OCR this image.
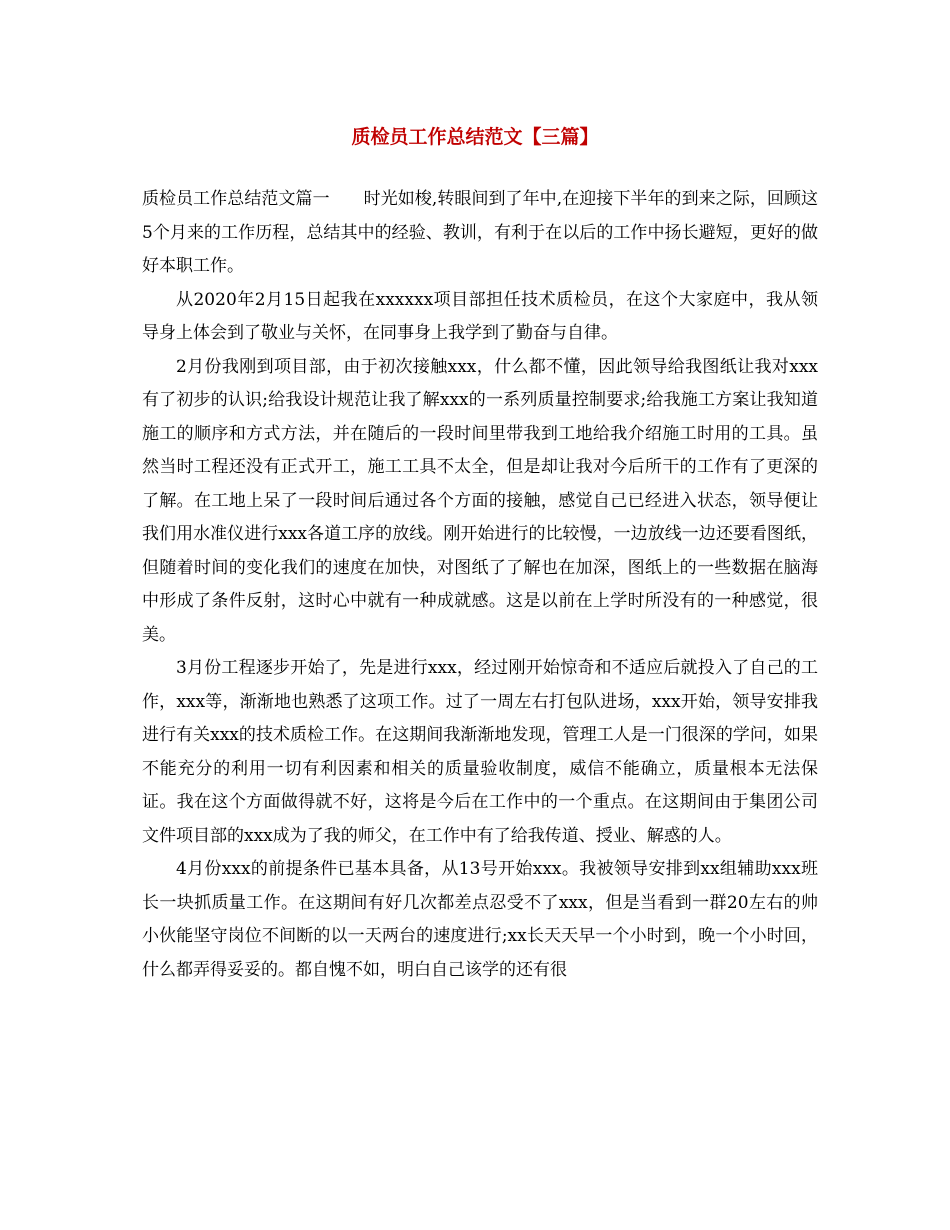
质检员工作总结范文【三篇】

质检员工作总结范文篇一 时光如梭,转眼间到了年中,在迎接下半年的到来之际，回顾这5个月来的工作历程，总结其中的经验、教训，有利于在以后的工作中扬长避短，更好的做好本职工作。

从2020年2月15日起我在xxxxxx项目部担任技术质检员，在这个大家庭中，我从领导身上体会到了敬业与关怀，在同事身上我学到了勤奋与自律。

2月份我刚到项目部，由于初次接触xxx，什么都不懂，因此领导给我图纸让我对xxx有了初步的认识;给我设计规范让我了解xxx的一系列质量控制要求;给我施工方案让我知道施工的顺序和方式方法，并在随后的一段时间里带我到工地给我介绍施工时用的工具。虽然当时工程还没有正式开工，施工工具不太全，但是却让我对今后所干的工作有了更深的了解。在工地上呆了一段时间后通过各个方面的接触，感觉自己已经进入状态，领导便让我们用水准仪进行xxx各道工序的放线。刚开始进行的比较慢，一边放线一边还要看图纸，但随着时间的变化我们的速度在加快，对图纸了了解也在加深，图纸上的一些数据在脑海中形成了条件反射，这时心中就有一种成就感。这是以前在上学时所没有的一种感觉，很美。

3月份工程逐步开始了，先是进行xxx，经过刚开始惊奇和不适应后就投入了自己的工作，xxx等，渐渐地也熟悉了这项工作。过了一周左右打包队进场，xxx开始，领导安排我进行有关xxx的技术质检工作。在这期间我渐渐地发现，管理工人是一门很深的学问，如果不能充分的利用一切有利因素和相关的质量验收制度，威信不能确立，质量根本无法保证。我在这个方面做得就不好，这将是今后在工作中的一个重点。在这期间由于集团公司文件项目部的xxx成为了我的师父，在工作中有了给我传道、授业、解惑的人。

4月份xxx的前提条件已基本具备，从13号开始xxx。我被领导安排到xx组辅助xxx班长一块抓质量工作。在这期间有好几次都差点忍受不了xxx，但是当看到一群20左右的帅小伙能坚守岗位不间断的以一天两台的速度进行;xx长天天早一个小时到，晚一个小时回，什么都弄得妥妥的。都自愧不如，明白自己该学的还有很
